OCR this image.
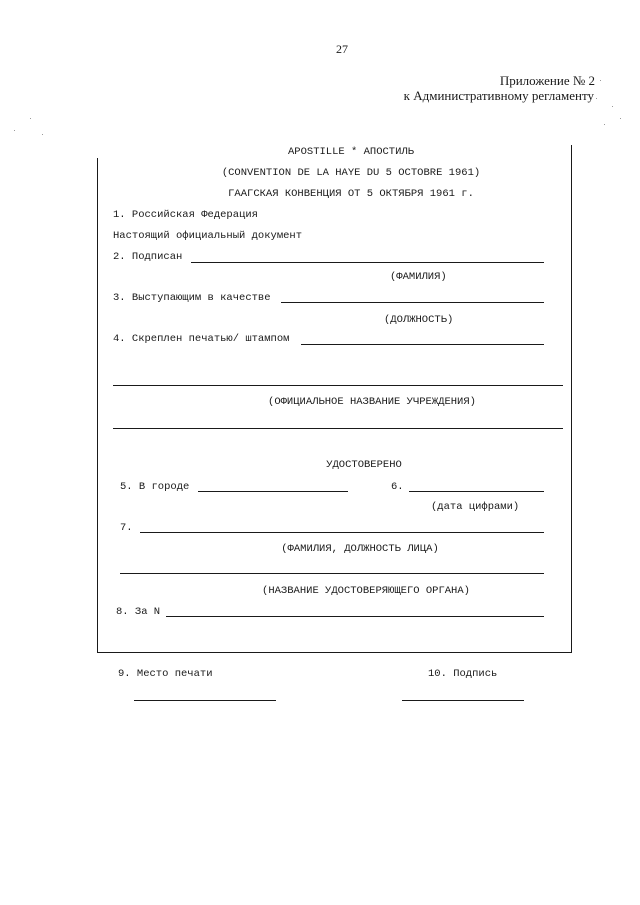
27
Приложение № 2
к Административному регламенту
APOSTILLE * АПОСТИЛЬ
(CONVENTION DE LA HAYE DU 5 OCTOBRE 1961)
ГААГСКАЯ КОНВЕНЦИЯ ОТ 5 ОКТЯБРЯ 1961 г.
1. Российская Федерация
Настоящий официальный документ
2. Подписан
(ФАМИЛИЯ)
3. Выступающим в качестве
(ДОЛЖНОСТЬ)
4. Скреплен печатью/ штампом
(ОФИЦИАЛЬНОЕ НАЗВАНИЕ УЧРЕЖДЕНИЯ)
УДОСТОВЕРЕНО
5. В городе	6.
(дата цифрами)
7.
(ФАМИЛИЯ, ДОЛЖНОСТЬ ЛИЦА)
(НАЗВАНИЕ УДОСТОВЕРЯЮЩЕГО ОРГАНА)
8. За N
9. Место печати	10. Подпись
